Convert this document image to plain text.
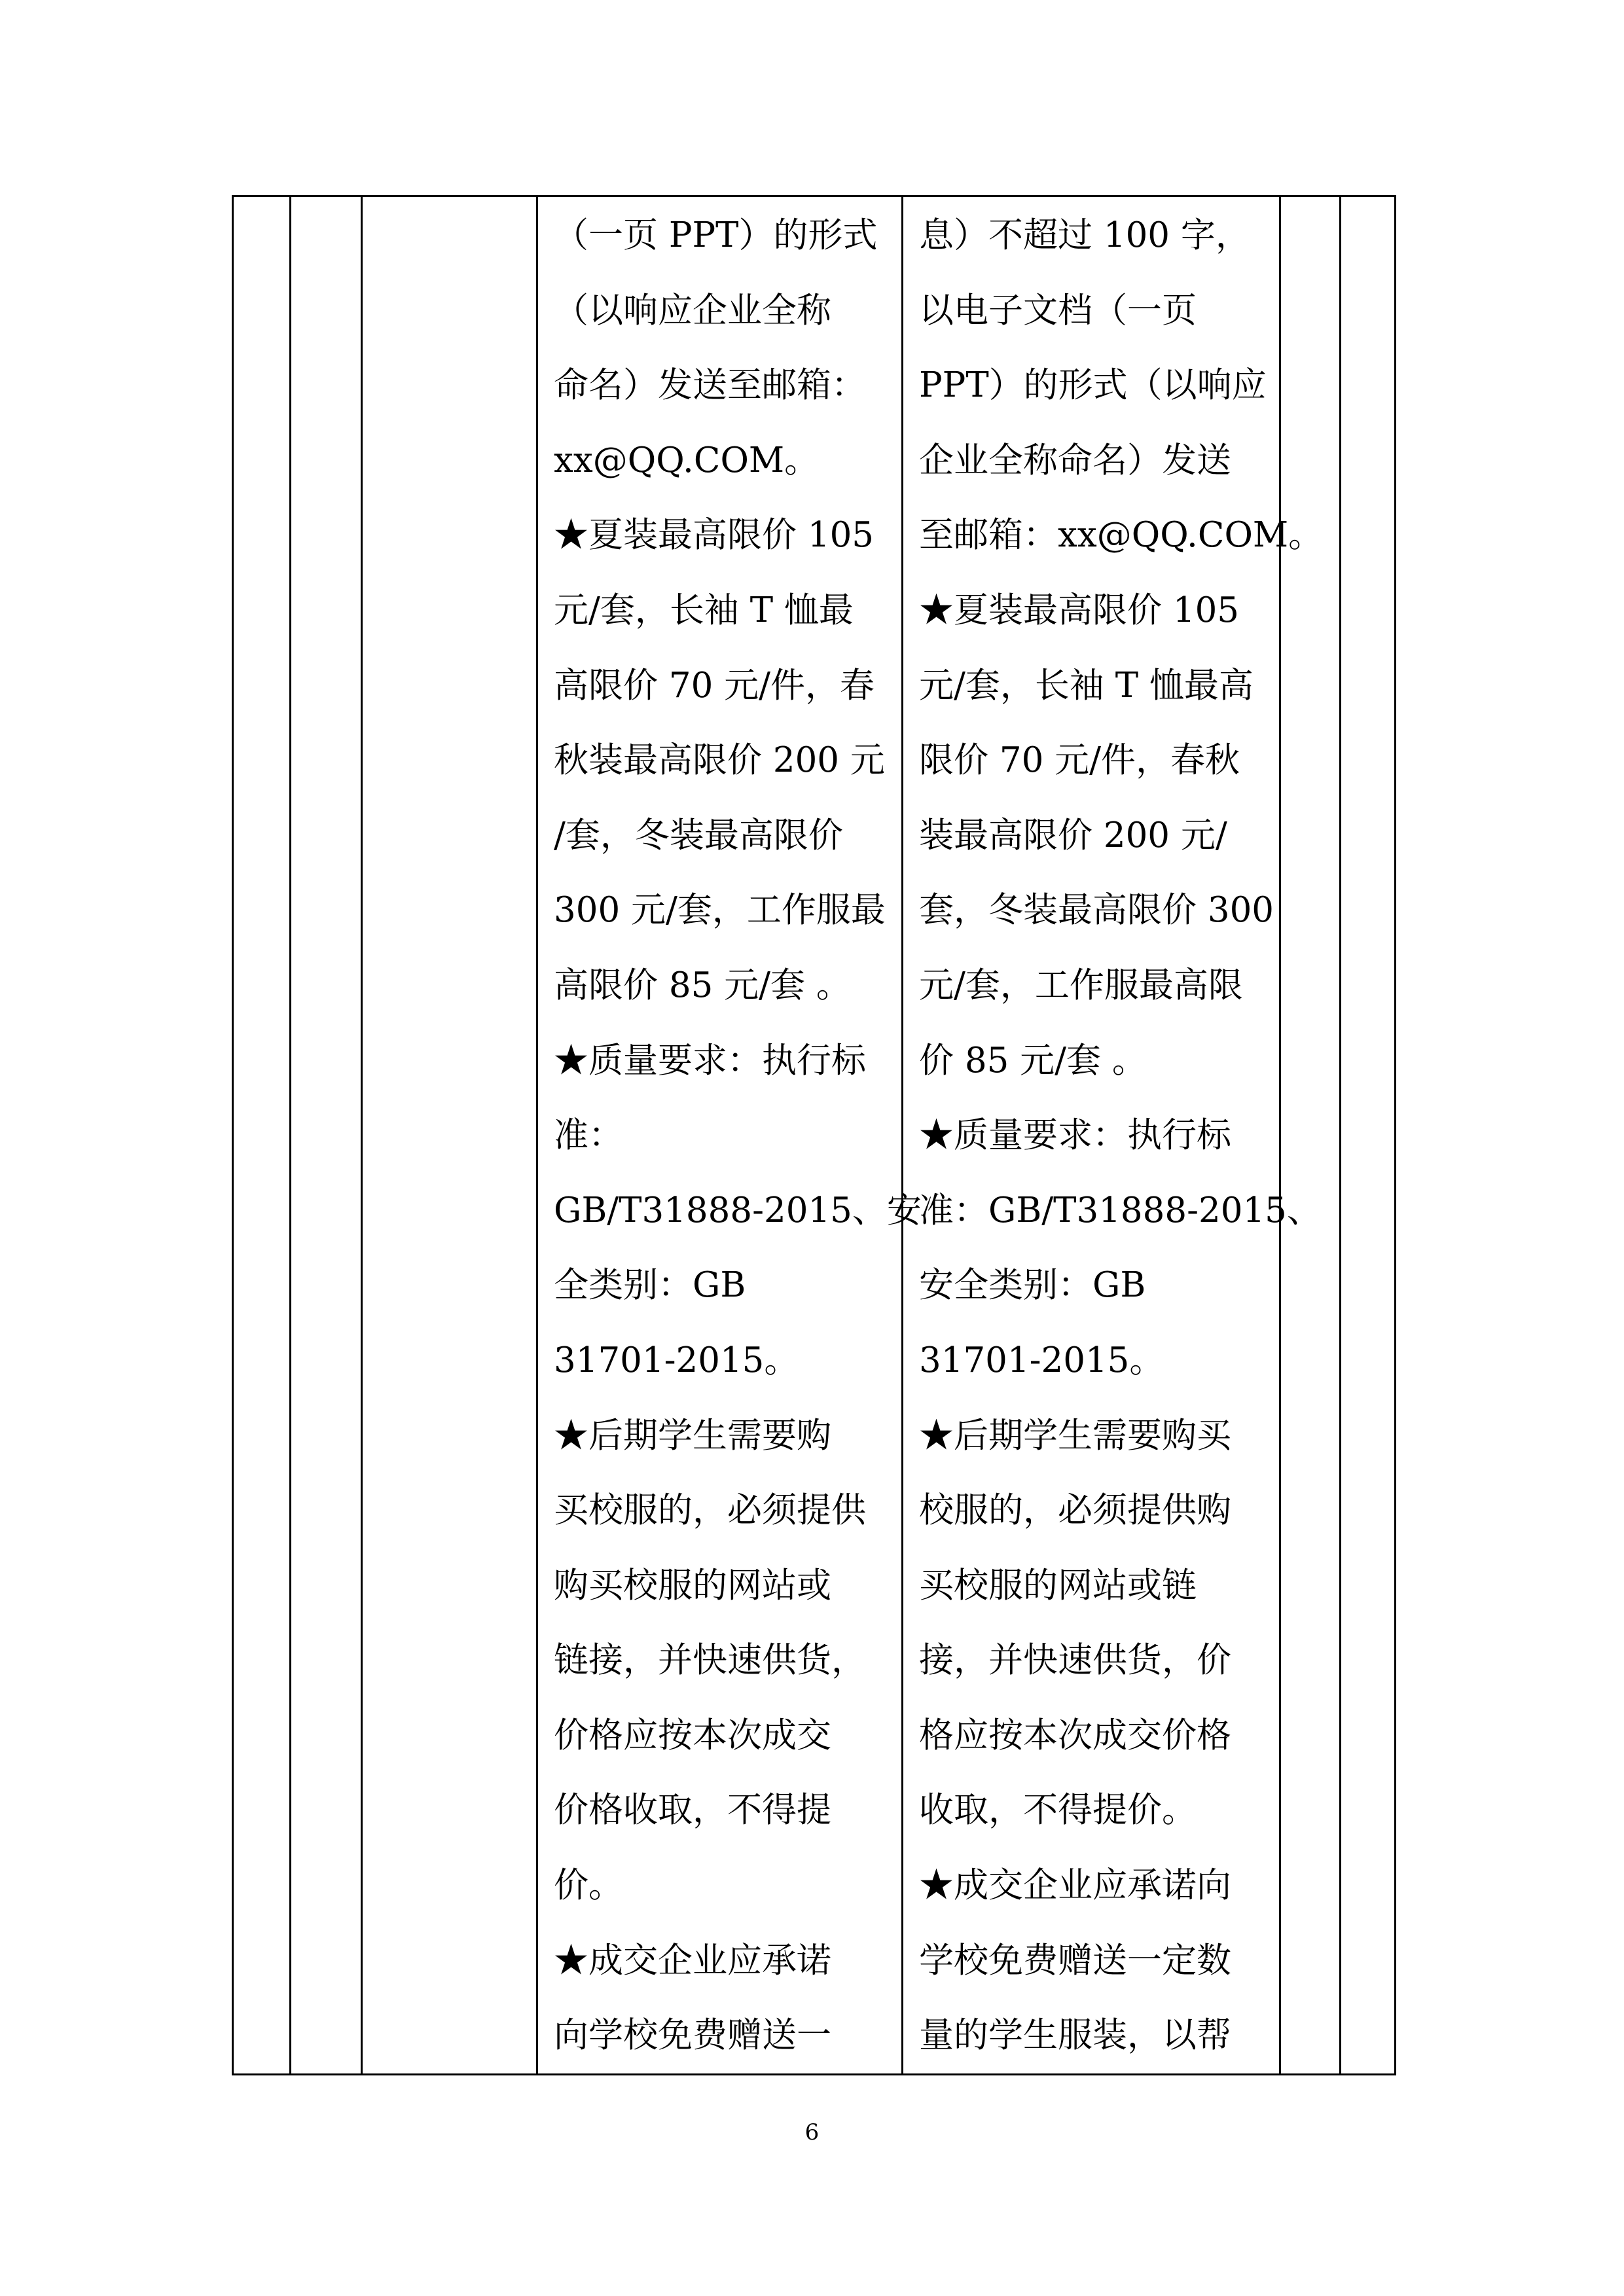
（一页 PPT）的形式
（以响应企业全称
命名）发送至邮箱：
xx@QQ.COM。
★夏装最高限价 105
元/套，长袖 T 恤最
高限价 70 元/件，春
秋装最高限价 200 元
/套，冬装最高限价
300 元/套，工作服最
高限价 85 元/套 。
★质量要求：执行标
准：
GB/T31888-2015、安
全类别：GB
31701-2015。
★后期学生需要购
买校服的，必须提供
购买校服的网站或
链接，并快速供货，
价格应按本次成交
价格收取，不得提
价。
★成交企业应承诺
向学校免费赠送一

息）不超过 100 字，
以电子文档（一页
PPT）的形式（以响应
企业全称命名）发送
至邮箱：xx@QQ.COM。
★夏装最高限价 105
元/套，长袖 T 恤最高
限价 70 元/件，春秋
装最高限价 200 元/
套，冬装最高限价 300
元/套，工作服最高限
价 85 元/套 。
★质量要求：执行标
准：GB/T31888-2015、
安全类别：GB
31701-2015。
★后期学生需要购买
校服的，必须提供购
买校服的网站或链
接，并快速供货，价
格应按本次成交价格
收取，不得提价。
★成交企业应承诺向
学校免费赠送一定数
量的学生服装，以帮

6
